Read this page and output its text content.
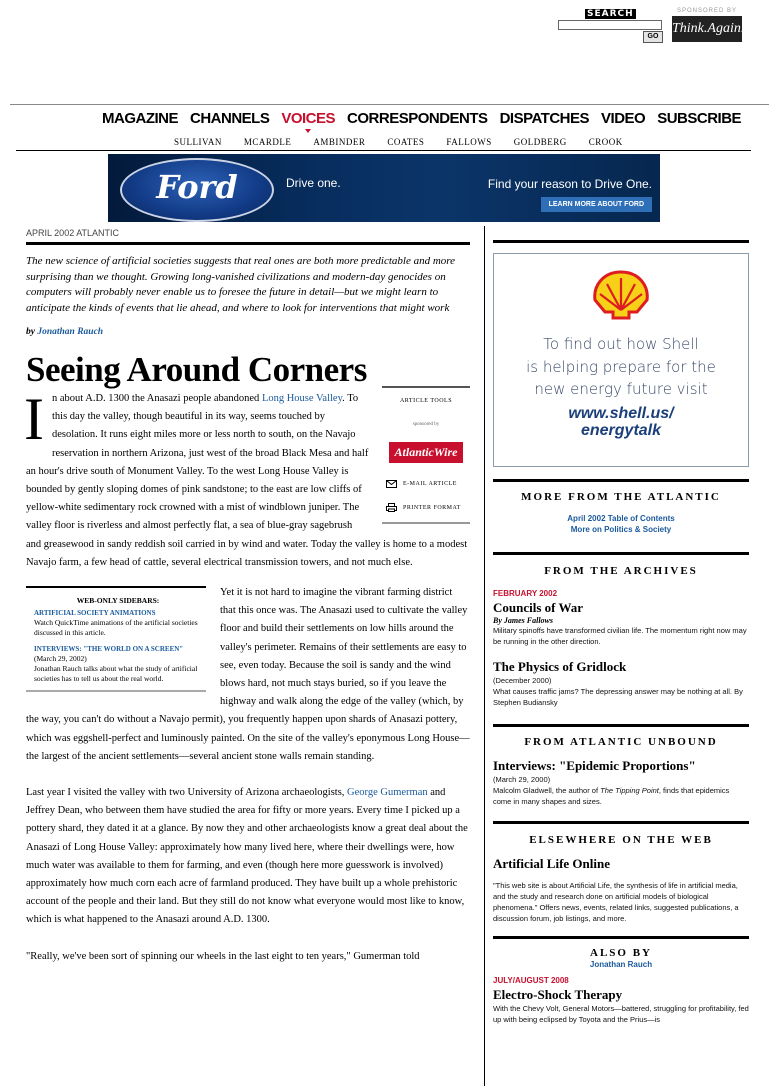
SEARCH
GO
SPONSORED BY
Think.Again.
MAGAZINE CHANNELS VOICES CORRESPONDENTS DISPATCHES VIDEO SUBSCRIBE
SULLIVAN MCARDLE AMBINDER COATES FALLOWS GOLDBERG CROOK
Ford	Drive one.	Find your reason to Drive One.
LEARN MORE ABOUT FORD
APRIL 2002 ATLANTIC
The new science of artificial societies suggests that real ones are both more predictable and more surprising than we thought. Growing long-vanished civilizations and modern-day genocides on computers will probably never enable us to foresee the future in detail—but we might learn to anticipate the kinds of events that lie ahead, and where to look for interventions that might work
by Jonathan Rauch
Seeing Around Corners
ARTICLE TOOLS
sponsored by
AtlanticWire
E-MAIL ARTICLE
PRINTER FORMAT
I n about A.D. 1300 the Anasazi people abandoned Long House Valley. To this day the valley, though beautiful in its way, seems touched by desolation. It runs eight miles more or less north to south, on the Navajo reservation in northern Arizona, just west of the broad Black Mesa and half an hour's drive south of Monument Valley. To the west Long House Valley is bounded by gently sloping domes of pink sandstone; to the east are low cliffs of yellow-white sedimentary rock crowned with a mist of windblown juniper. The valley floor is riverless and almost perfectly flat, a sea of blue-gray sagebrush and greasewood in sandy reddish soil carried in by wind and water. Today the valley is home to a modest Navajo farm, a few head of cattle, several electrical transmission towers, and not much else.

WEB-ONLY SIDEBARS:
ARTIFICIAL SOCIETY ANIMATIONS
Watch QuickTime animations of the artificial societies discussed in this article.
INTERVIEWS: "THE WORLD ON A SCREEN"
(March 29, 2002)
Jonathan Rauch talks about what the study of artificial societies has to tell us about the real world.

Yet it is not hard to imagine the vibrant farming district that this once was. The Anasazi used to cultivate the valley floor and build their settlements on low hills around the valley's perimeter. Remains of their settlements are easy to see, even today. Because the soil is sandy and the wind blows hard, not much stays buried, so if you leave the highway and walk along the edge of the valley (which, by the way, you can't do without a Navajo permit), you frequently happen upon shards of Anasazi pottery, which was eggshell-perfect and luminously painted. On the site of the valley's eponymous Long House—the largest of the ancient settlements—several ancient stone walls remain standing.

Last year I visited the valley with two University of Arizona archaeologists, George Gumerman and Jeffrey Dean, who between them have studied the area for fifty or more years. Every time I picked up a pottery shard, they dated it at a glance. By now they and other archaeologists know a great deal about the Anasazi of Long House Valley: approximately how many lived here, where their dwellings were, how much water was available to them for farming, and even (though here more guesswork is involved) approximately how much corn each acre of farmland produced. They have built up a whole prehistoric account of the people and their land. But they still do not know what everyone would most like to know, which is what happened to the Anasazi around A.D. 1300.

"Really, we've been sort of spinning our wheels in the last eight to ten years," Gumerman told

To find out how Shell
is helping prepare for the
new energy future visit
www.shell.us/
energytalk
MORE FROM THE ATLANTIC
April 2002 Table of Contents
More on Politics & Society
FROM THE ARCHIVES
FEBRUARY 2002
Councils of War
By James Fallows
Military spinoffs have transformed civilian life. The momentum right now may be running in the other direction.
The Physics of Gridlock
(December 2000)
What causes traffic jams? The depressing answer may be nothing at all. By Stephen Budiansky
FROM ATLANTIC UNBOUND
Interviews: "Epidemic Proportions"
(March 29, 2000)
Malcolm Gladwell, the author of The Tipping Point, finds that epidemics come in many shapes and sizes.
ELSEWHERE ON THE WEB
Artificial Life Online
"This web site is about Artificial Life, the synthesis of life in artificial media, and the study and research done on artificial models of biological phenomena." Offers news, events, related links, suggested publications, a discussion forum, job listings, and more.
ALSO BY
Jonathan Rauch
JULY/AUGUST 2008
Electro-Shock Therapy
With the Chevy Volt, General Motors—battered, struggling for profitability, fed up with being eclipsed by Toyota and the Prius—is
